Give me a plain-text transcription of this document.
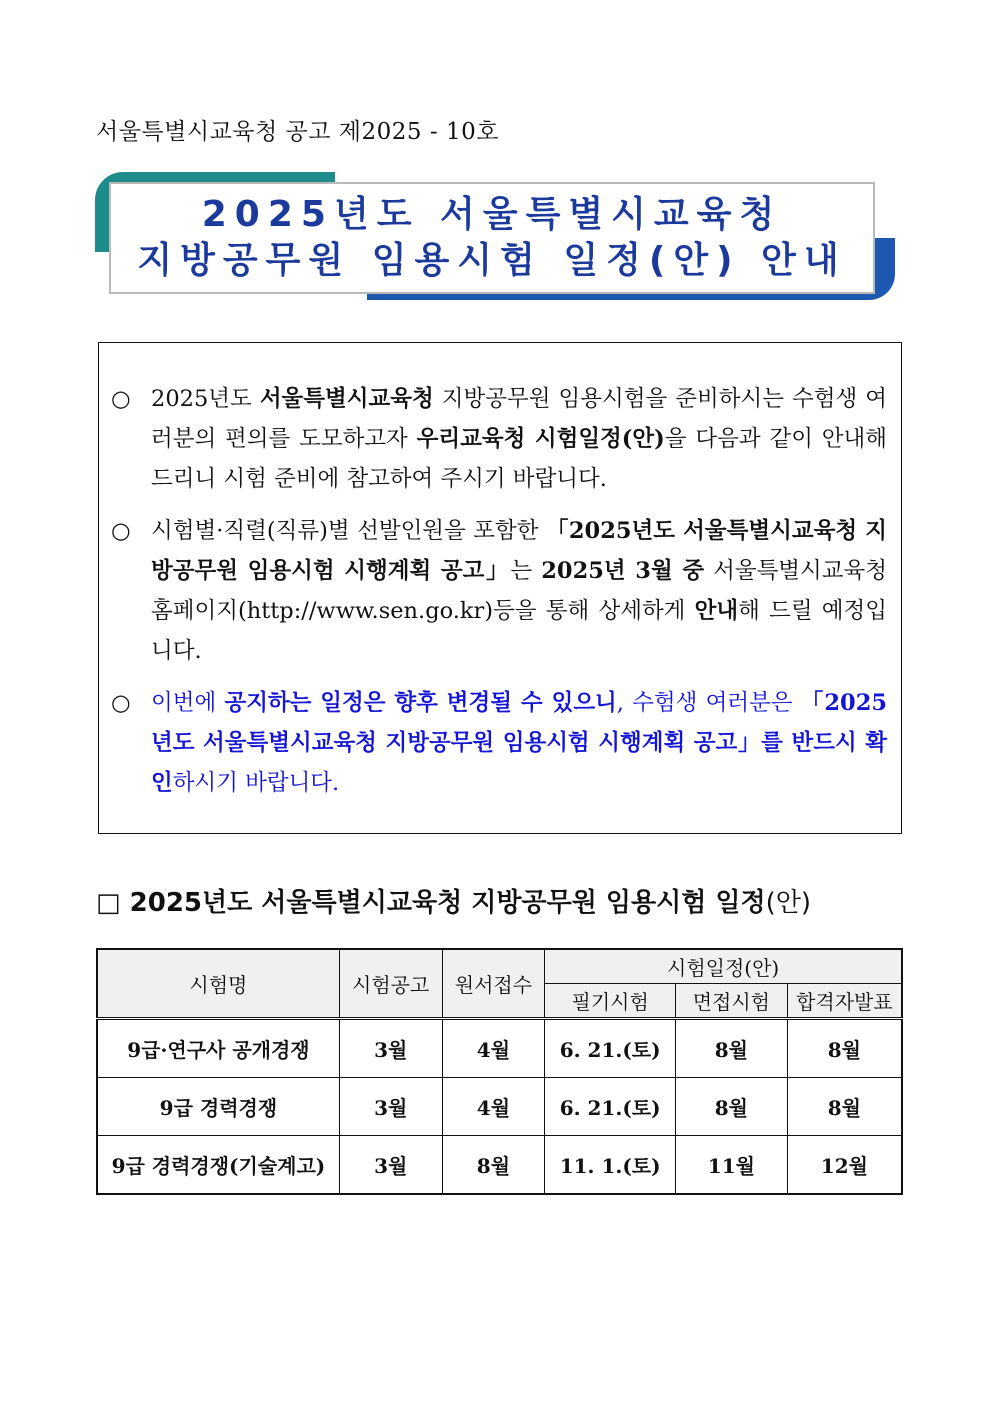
서울특별시교육청 공고 제2025 - 10호
2025년도 서울특별시교육청
지방공무원 임용시험 일정(안) 안내
○ 2025년도 서울특별시교육청 지방공무원 임용시험을 준비하시는 수험생 여러분의 편의를 도모하고자 우리교육청 시험일정(안)을 다음과 같이 안내해 드리니 시험 준비에 참고하여 주시기 바랍니다.
○ 시험별·직렬(직류)별 선발인원을 포함한 「2025년도 서울특별시교육청 지방공무원 임용시험 시행계획 공고」는 2025년 3월 중 서울특별시교육청 홈페이지(http://www.sen.go.kr)등을 통해 상세하게 안내해 드릴 예정입니다.
○ 이번에 공지하는 일정은 향후 변경될 수 있으니, 수험생 여러분은 「2025년도 서울특별시교육청 지방공무원 임용시험 시행계획 공고」를 반드시 확인하시기 바랍니다.
□ 2025년도 서울특별시교육청 지방공무원 임용시험 일정(안)
시험명	시험공고	원서접수	시험일정(안)		
			필기시험	면접시험	합격자발표
9급·연구사 공개경쟁	3월	4월	6. 21.(토)	8월	8월
9급 경력경쟁	3월	4월	6. 21.(토)	8월	8월
9급 경력경쟁(기술계고)	3월	8월	11. 1.(토)	11월	12월
